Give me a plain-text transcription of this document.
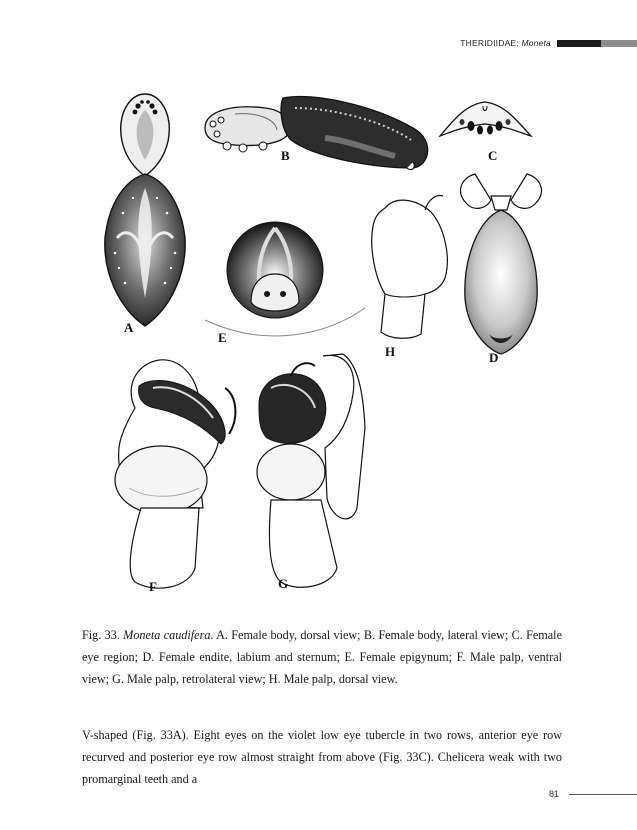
THERIDIIDAE: Moneta
A
B	C
D
E
F	G
H

Fig. 33. Moneta caudifera. A. Female body, dorsal view; B. Female body, lateral view; C. Female eye region; D. Female endite, labium and sternum; E. Female epigynum; F. Male palp, ventral view; G. Male palp, retrolateral view; H. Male palp, dorsal view.

V-shaped (Fig. 33A). Eight eyes on the violet low eye tubercle in two rows, anterior eye row recurved and posterior eye row almost straight from above (Fig. 33C). Chelicera weak with two promarginal teeth and a

81
